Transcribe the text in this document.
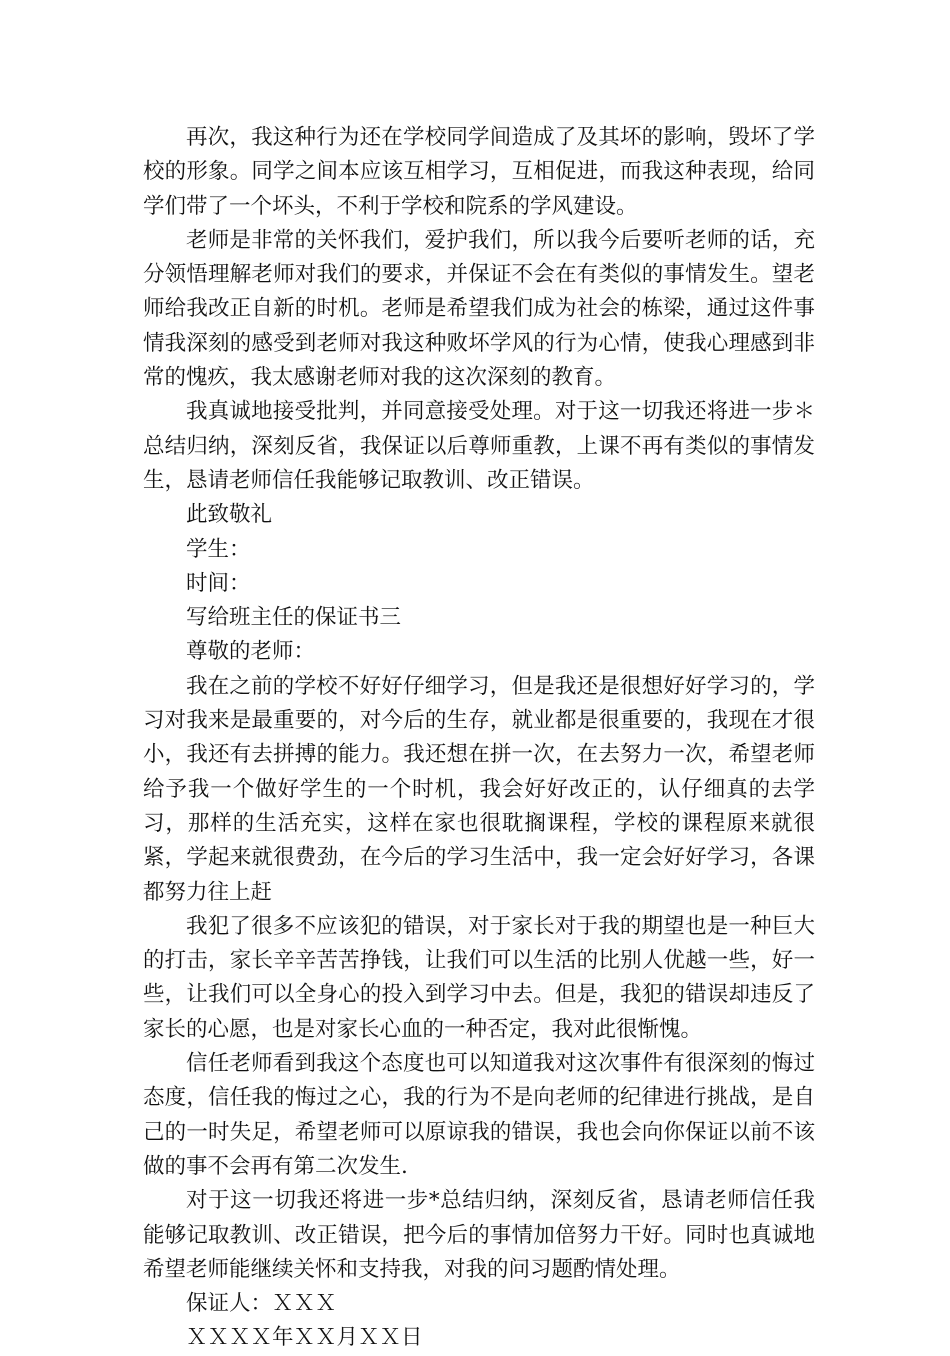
再次，我这种行为还在学校同学间造成了及其坏的影响，毁坏了学校的形象。同学之间本应该互相学习，互相促进，而我这种表现，给同学们带了一个坏头，不利于学校和院系的学风建设。

老师是非常的关怀我们，爱护我们，所以我今后要听老师的话，充分领悟理解老师对我们的要求，并保证不会在有类似的事情发生。望老师给我改正自新的时机。老师是希望我们成为社会的栋梁，通过这件事情我深刻的感受到老师对我这种败坏学风的行为心情，使我心理感到非常的愧疚，我太感谢老师对我的这次深刻的教育。

我真诚地接受批判，并同意接受处理。对于这一切我还将进一步＊总结归纳，深刻反省，我保证以后尊师重教，上课不再有类似的事情发生，恳请老师信任我能够记取教训、改正错误。

此致敬礼

学生：

时间：

写给班主任的保证书三

尊敬的老师：

我在之前的学校不好好仔细学习，但是我还是很想好好学习的，学习对我来是最重要的，对今后的生存，就业都是很重要的，我现在才很小，我还有去拼搏的能力。我还想在拼一次，在去努力一次，希望老师给予我一个做好学生的一个时机，我会好好改正的，认仔细真的去学习，那样的生活充实，这样在家也很耽搁课程，学校的课程原来就很紧，学起来就很费劲，在今后的学习生活中，我一定会好好学习，各课都努力往上赶

我犯了很多不应该犯的错误，对于家长对于我的期望也是一种巨大的打击，家长辛辛苦苦挣钱，让我们可以生活的比别人优越一些，好一些，让我们可以全身心的投入到学习中去。但是，我犯的错误却违反了家长的心愿，也是对家长心血的一种否定，我对此很惭愧。

信任老师看到我这个态度也可以知道我对这次事件有很深刻的悔过态度，信任我的悔过之心，我的行为不是向老师的纪律进行挑战，是自己的一时失足，希望老师可以原谅我的错误，我也会向你保证以前不该做的事不会再有第二次发生.

对于这一切我还将进一步*总结归纳，深刻反省，恳请老师信任我能够记取教训、改正错误，把今后的事情加倍努力干好。同时也真诚地希望老师能继续关怀和支持我，对我的问习题酌情处理。

保证人：ＸＸＸ

ＸＸＸＸ年ＸＸ月ＸＸ日
